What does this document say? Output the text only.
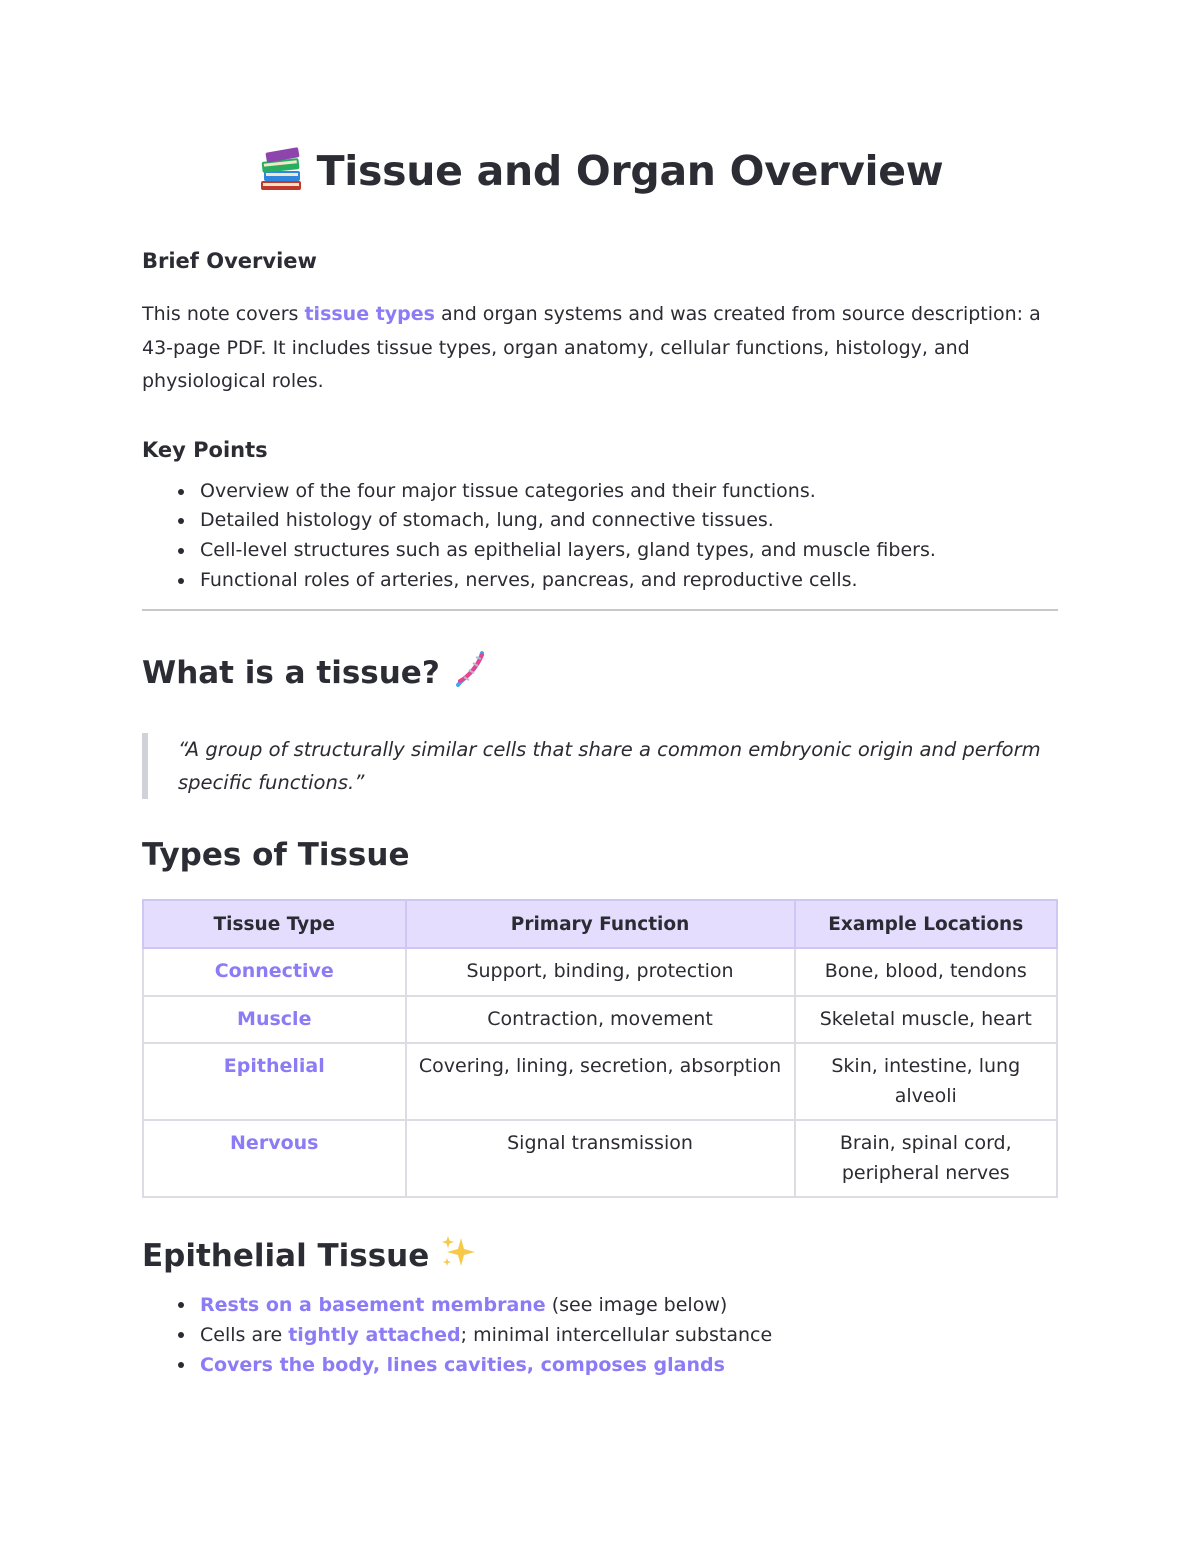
Tissue and Organ Overview
Brief Overview

This note covers tissue types and organ systems and was created from source description: a 43-page PDF. It includes tissue types, organ anatomy, cellular functions, histology, and physiological roles.

Key Points
Overview of the four major tissue categories and their functions.
Detailed histology of stomach, lung, and connective tissues.
Cell-level structures such as epithelial layers, gland types, and muscle fibers.
Functional roles of arteries, nerves, pancreas, and reproductive cells.
What is a tissue?
“A group of structurally similar cells that share a common embryonic origin and perform specific functions.”
Types of Tissue
Tissue Type	Primary Function	Example Locations
Connective	Support, binding, protection	Bone, blood, tendons
Muscle	Contraction, movement	Skeletal muscle, heart
Epithelial	Covering, lining, secretion, absorption	Skin, intestine, lung alveoli
Nervous	Signal transmission	Brain, spinal cord, peripheral nerves
Epithelial Tissue
Rests on a basement membrane (see image below)
Cells are tightly attached; minimal intercellular substance
Covers the body, lines cavities, composes glands
